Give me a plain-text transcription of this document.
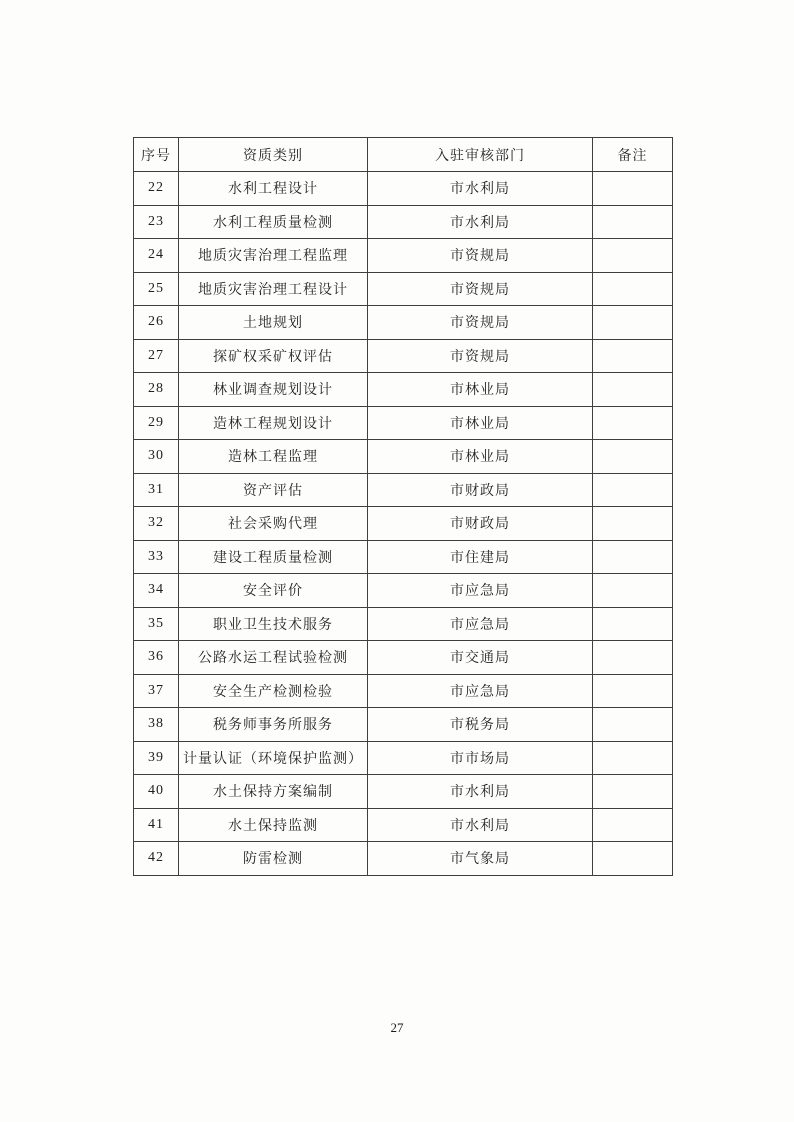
序号	资质类别	入驻审核部门	备注
22	水利工程设计	市水利局	
23	水利工程质量检测	市水利局	
24	地质灾害治理工程监理	市资规局	
25	地质灾害治理工程设计	市资规局	
26	土地规划	市资规局	
27	探矿权采矿权评估	市资规局	
28	林业调查规划设计	市林业局	
29	造林工程规划设计	市林业局	
30	造林工程监理	市林业局	
31	资产评估	市财政局	
32	社会采购代理	市财政局	
33	建设工程质量检测	市住建局	
34	安全评价	市应急局	
35	职业卫生技术服务	市应急局	
36	公路水运工程试验检测	市交通局	
37	安全生产检测检验	市应急局	
38	税务师事务所服务	市税务局	
39	计量认证（环境保护监测）	市市场局	
40	水土保持方案编制	市水利局	
41	水土保持监测	市水利局	
42	防雷检测	市气象局	
27
